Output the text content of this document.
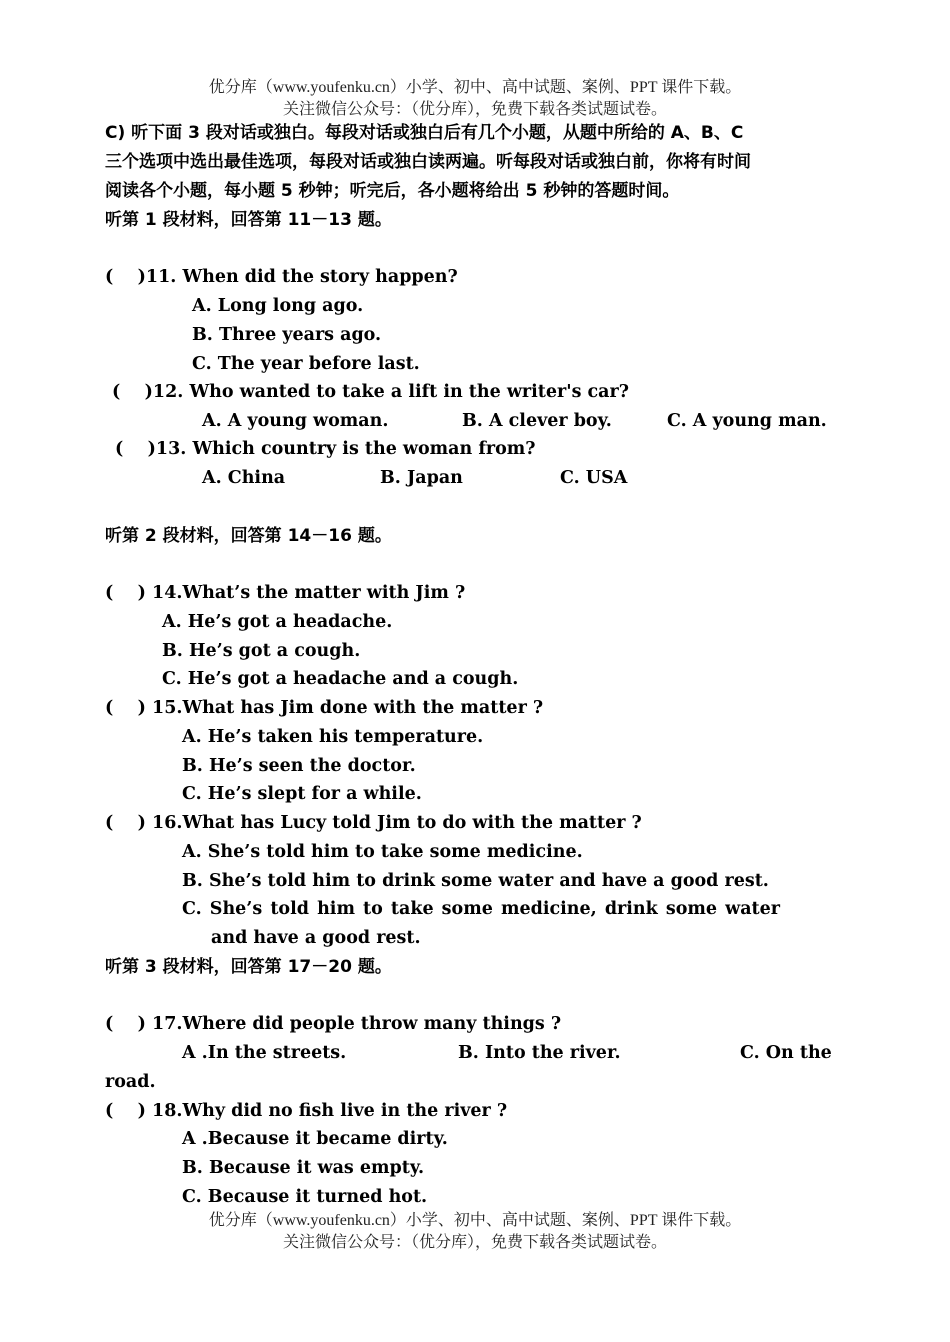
优分库（www.youfenku.cn）小学、初中、高中试题、案例、PPT 课件下载。
关注微信公众号：（优分库），免费下载各类试题试卷。
C) 听下面 3 段对话或独白。每段对话或独白后有几个小题，从题中所给的 A、B、C
三个选项中选出最佳选项，每段对话或独白读两遍。听每段对话或独白前，你将有时间
阅读各个小题，每小题 5 秒钟；听完后，各小题将给出 5 秒钟的答题时间。
听第 1 段材料，回答第 11－13 题。
(    )11. When did the story happen?
A. Long long ago.
B. Three years ago.
C. The year before last.
(    )12. Who wanted to take a lift in the writer's car?
A. A young woman.	B. A clever boy.	C. A young man.
(    )13. Which country is the woman from?
A. China	B. Japan	C. USA
听第 2 段材料，回答第 14－16 题。
(    ) 14.What’s the matter with Jim ?
A. He’s got a headache.
B. He’s got a cough.
C. He’s got a headache and a cough.
(    ) 15.What has Jim done with the matter ?
A. He’s taken his temperature.
B. He’s seen the doctor.
C. He’s slept for a while.
(    ) 16.What has Lucy told Jim to do with the matter ?
A. She’s told him to take some medicine.
B. She’s told him to drink some water and have a good rest.
C. She’s told him to take some medicine, drink some water
and have a good rest.
听第 3 段材料，回答第 17－20 题。
(    ) 17.Where did people throw many things ?
A .In the streets.	B. Into the river.	C. On the
road.
(    ) 18.Why did no fish live in the river ?
A .Because it became dirty.
B. Because it was empty.
C. Because it turned hot.
优分库（www.youfenku.cn）小学、初中、高中试题、案例、PPT 课件下载。
关注微信公众号：（优分库），免费下载各类试题试卷。
